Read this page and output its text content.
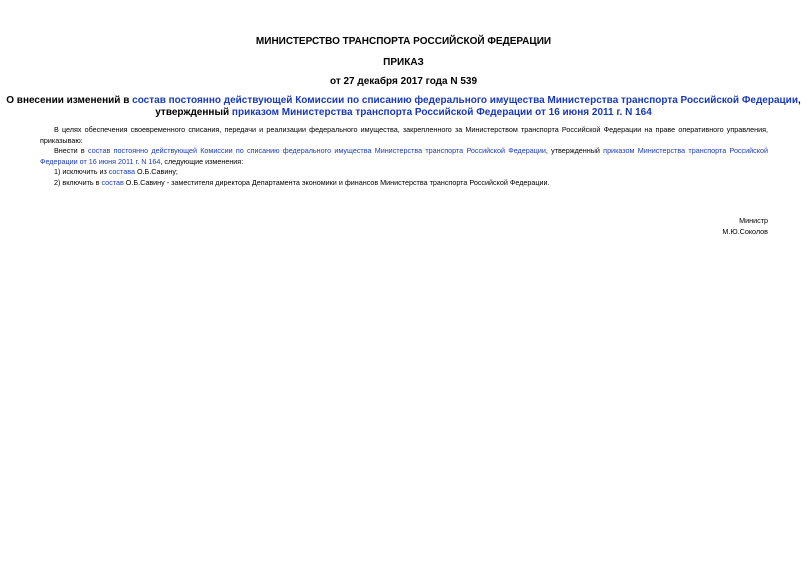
МИНИСТЕРСТВО ТРАНСПОРТА РОССИЙСКОЙ ФЕДЕРАЦИИ
ПРИКАЗ
от 27 декабря 2017 года N 539
О внесении изменений в состав постоянно действующей Комиссии по списанию федерального имущества Министерства транспорта Российской Федерации, утвержденный приказом Министерства транспорта Российской Федерации от 16 июня 2011 г. N 164
В целях обеспечения своевременного списания, передачи и реализации федерального имущества, закрепленного за Министерством транспорта Российской Федерации на праве оперативного управления, приказываю:
Внести в состав постоянно действующей Комиссии по списанию федерального имущества Министерства транспорта Российской Федерации, утвержденный приказом Министерства транспорта Российской Федерации от 16 июня 2011 г. N 164, следующие изменения:
1) исключить из состава О.Б.Савину;
2) включить в состав О.Б.Савину - заместителя директора Департамента экономики и финансов Министерства транспорта Российской Федерации.
Министр
М.Ю.Соколов
